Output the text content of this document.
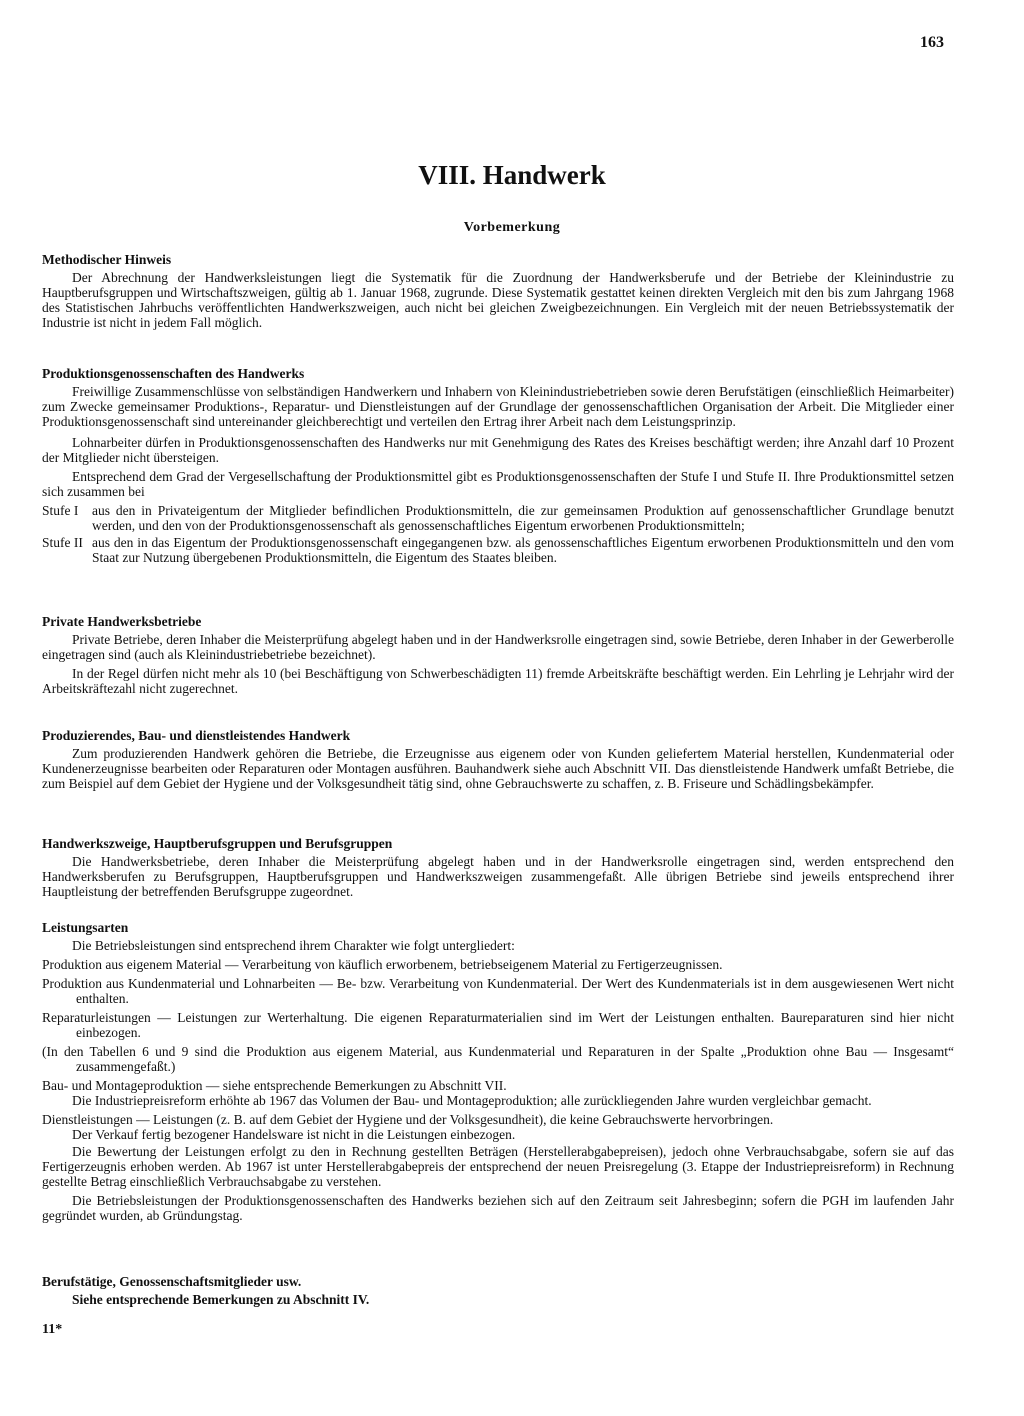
163
VIII. Handwerk
Vorbemerkung
Methodischer Hinweis
Der Abrechnung der Handwerksleistungen liegt die Systematik für die Zuordnung der Handwerksberufe und der Betriebe der Kleinindustrie zu Hauptberufsgruppen und Wirtschaftszweigen, gültig ab 1. Januar 1968, zugrunde. Diese Systematik gestattet keinen direkten Vergleich mit den bis zum Jahrgang 1968 des Statistischen Jahrbuchs veröffentlichten Handwerkszweigen, auch nicht bei gleichen Zweigbezeichnungen. Ein Vergleich mit der neuen Betriebssystematik der Industrie ist nicht in jedem Fall möglich.
Produktionsgenossenschaften des Handwerks
Freiwillige Zusammenschlüsse von selbständigen Handwerkern und Inhabern von Kleinindustriebetrieben sowie deren Berufstätigen (einschließlich Heimarbeiter) zum Zwecke gemeinsamer Produktions-, Reparatur- und Dienstleistungen auf der Grundlage der genossenschaftlichen Organisation der Arbeit. Die Mitglieder einer Produktionsgenossenschaft sind untereinander gleichberechtigt und verteilen den Ertrag ihrer Arbeit nach dem Leistungsprinzip.
Lohnarbeiter dürfen in Produktionsgenossenschaften des Handwerks nur mit Genehmigung des Rates des Kreises beschäftigt werden; ihre Anzahl darf 10 Prozent der Mitglieder nicht übersteigen.
Entsprechend dem Grad der Vergesellschaftung der Produktionsmittel gibt es Produktionsgenossenschaften der Stufe I und Stufe II. Ihre Produktionsmittel setzen sich zusammen bei
Stufe I	aus den in Privateigentum der Mitglieder befindlichen Produktionsmitteln, die zur gemeinsamen Produktion auf genossenschaftlicher Grundlage benutzt werden, und den von der Produktionsgenossenschaft als genossenschaftliches Eigentum erworbenen Produktionsmitteln;
Stufe II aus den in das Eigentum der Produktionsgenossenschaft eingegangenen bzw. als genossenschaftliches Eigentum erworbenen Produktionsmitteln und den vom Staat zur Nutzung übergebenen Produktionsmitteln, die Eigentum des Staates bleiben.
Private Handwerksbetriebe
Private Betriebe, deren Inhaber die Meisterprüfung abgelegt haben und in der Handwerksrolle eingetragen sind, sowie Betriebe, deren Inhaber in der Gewerberolle eingetragen sind (auch als Kleinindustriebetriebe bezeichnet).
In der Regel dürfen nicht mehr als 10 (bei Beschäftigung von Schwerbeschädigten 11) fremde Arbeitskräfte beschäftigt werden. Ein Lehrling je Lehrjahr wird der Arbeitskräftezahl nicht zugerechnet.
Produzierendes, Bau- und dienstleistendes Handwerk
Zum produzierenden Handwerk gehören die Betriebe, die Erzeugnisse aus eigenem oder von Kunden geliefertem Material herstellen, Kundenmaterial oder Kundenerzeugnisse bearbeiten oder Reparaturen oder Montagen ausführen. Bauhandwerk siehe auch Abschnitt VII. Das dienstleistende Handwerk umfaßt Betriebe, die zum Beispiel auf dem Gebiet der Hygiene und der Volksgesundheit tätig sind, ohne Gebrauchswerte zu schaffen, z. B. Friseure und Schädlingsbekämpfer.
Handwerkszweige, Hauptberufsgruppen und Berufsgruppen
Die Handwerksbetriebe, deren Inhaber die Meisterprüfung abgelegt haben und in der Handwerksrolle eingetragen sind, werden entsprechend den Handwerksberufen zu Berufsgruppen, Hauptberufsgruppen und Handwerkszweigen zusammengefaßt. Alle übrigen Betriebe sind jeweils entsprechend ihrer Hauptleistung der betreffenden Berufsgruppe zugeordnet.
Leistungsarten
Die Betriebsleistungen sind entsprechend ihrem Charakter wie folgt untergliedert:
Produktion aus eigenem Material — Verarbeitung von käuflich erworbenem, betriebseigenem Material zu Fertigerzeugnissen.
Produktion aus Kundenmaterial und Lohnarbeiten — Be- bzw. Verarbeitung von Kundenmaterial. Der Wert des Kundenmaterials ist in dem ausgewiesenen Wert nicht enthalten.
Reparaturleistungen — Leistungen zur Werterhaltung. Die eigenen Reparaturmaterialien sind im Wert der Leistungen enthalten. Baureparaturen sind hier nicht einbezogen.
(In den Tabellen 6 und 9 sind die Produktion aus eigenem Material, aus Kundenmaterial und Reparaturen in der Spalte „Produktion ohne Bau — Insgesamt“ zusammengefaßt.)
Bau- und Montageproduktion — siehe entsprechende Bemerkungen zu Abschnitt VII.
Die Industriepreisreform erhöhte ab 1967 das Volumen der Bau- und Montageproduktion; alle zurückliegenden Jahre wurden vergleichbar gemacht.
Dienstleistungen — Leistungen (z. B. auf dem Gebiet der Hygiene und der Volksgesundheit), die keine Gebrauchswerte hervorbringen.
Der Verkauf fertig bezogener Handelsware ist nicht in die Leistungen einbezogen.
Die Bewertung der Leistungen erfolgt zu den in Rechnung gestellten Beträgen (Herstellerabgabepreisen), jedoch ohne Verbrauchsabgabe, sofern sie auf das Fertigerzeugnis erhoben werden. Ab 1967 ist unter Herstellerabgabepreis der entsprechend der neuen Preisregelung (3. Etappe der Industriepreisreform) in Rechnung gestellte Betrag einschließlich Verbrauchsabgabe zu verstehen.
Die Betriebsleistungen der Produktionsgenossenschaften des Handwerks beziehen sich auf den Zeitraum seit Jahresbeginn; sofern die PGH im laufenden Jahr gegründet wurden, ab Gründungstag.
Berufstätige, Genossenschaftsmitglieder usw.
Siehe entsprechende Bemerkungen zu Abschnitt IV.
11*
